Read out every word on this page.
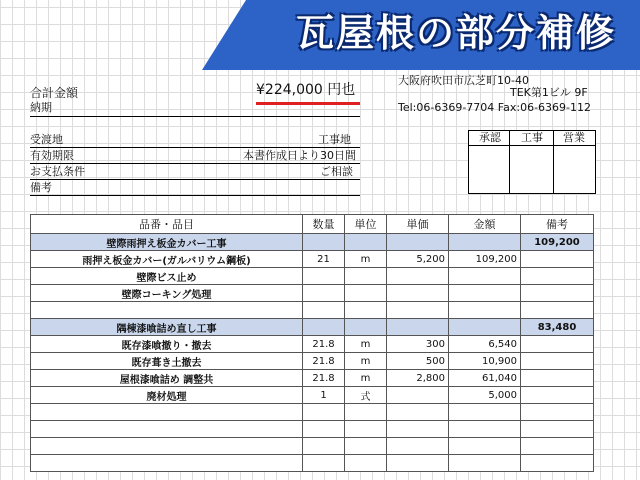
大阪府吹田市広芝町10-40
TEK第1ビル 9F
Tel:06-6369-7704 Fax:06-6369-112
瓦屋根の部分補修
合計金額	¥224,000 円也
納期
受渡地	工事地
有効期限	本書作成日より30日間
お支払条件	ご相談
備考
承認 工事 営業
品番・品目	数量	単位	単価	金額	備考
壁際雨押え板金カバー工事					109,200
雨押え板金カバー(ガルバリウム鋼板)	21	m	5,200	109,200	
壁際ビス止め					
壁際コーキング処理					

隅棟漆喰詰め直し工事					83,480
既存漆喰撤り・撤去	21.8	m	300	6,540	
既存葺き土撤去	21.8	m	500	10,900	
屋根漆喰詰め 調整共	21.8	m	2,800	61,040	
廃材処理	1	式		5,000	
